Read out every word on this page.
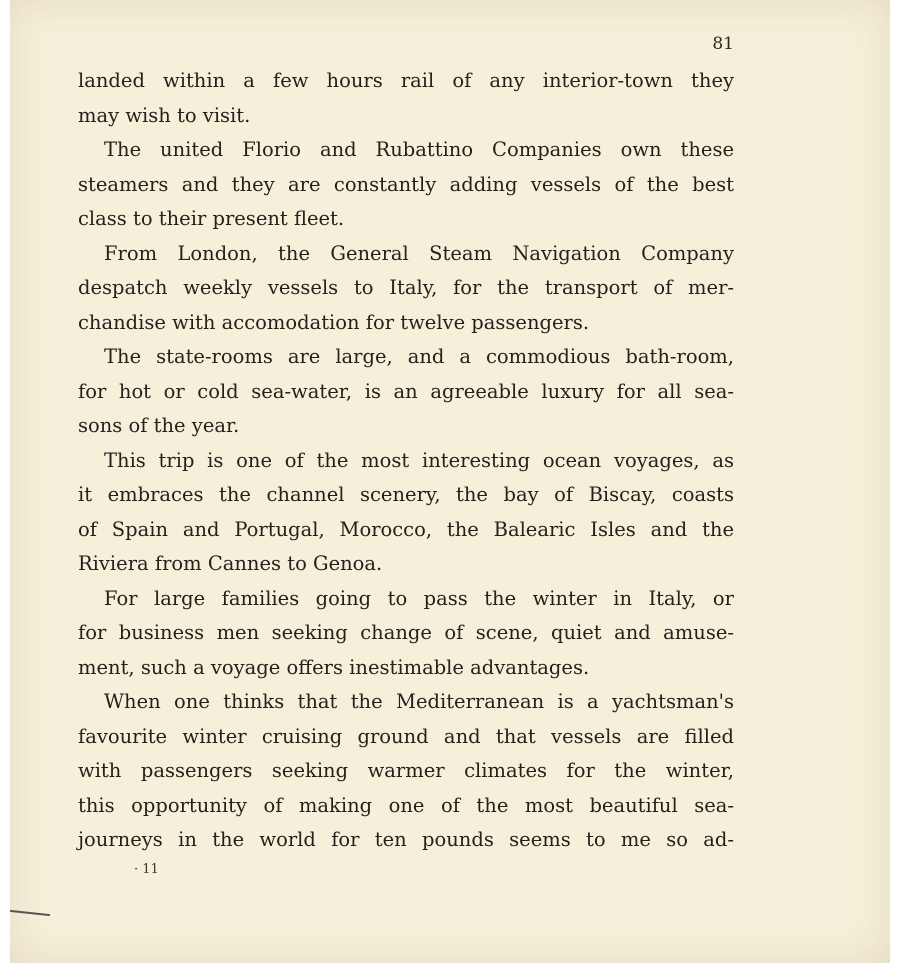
81
landed within a few hours rail of any interior-town they
may wish to visit.
The united Florio and Rubattino Companies own these
steamers and they are constantly adding vessels of the best
class to their present fleet.
From London, the General Steam Navigation Company
despatch weekly vessels to Italy, for the transport of mer-
chandise with accomodation for twelve passengers.
The state-rooms are large, and a commodious bath-room,
for hot or cold sea-water, is an agreeable luxury for all sea-
sons of the year.
This trip is one of the most interesting ocean voyages, as
it embraces the channel scenery, the bay of Biscay, coasts
of Spain and Portugal, Morocco, the Balearic Isles and the
Riviera from Cannes to Genoa.
For large families going to pass the winter in Italy, or
for business men seeking change of scene, quiet and amuse-
ment, such a voyage offers inestimable advantages.
When one thinks that the Mediterranean is a yachtsman's
favourite winter cruising ground and that vessels are filled
with passengers seeking warmer climates for the winter,
this opportunity of making one of the most beautiful sea-
journeys in the world for ten pounds seems to me so ad-
· 11
